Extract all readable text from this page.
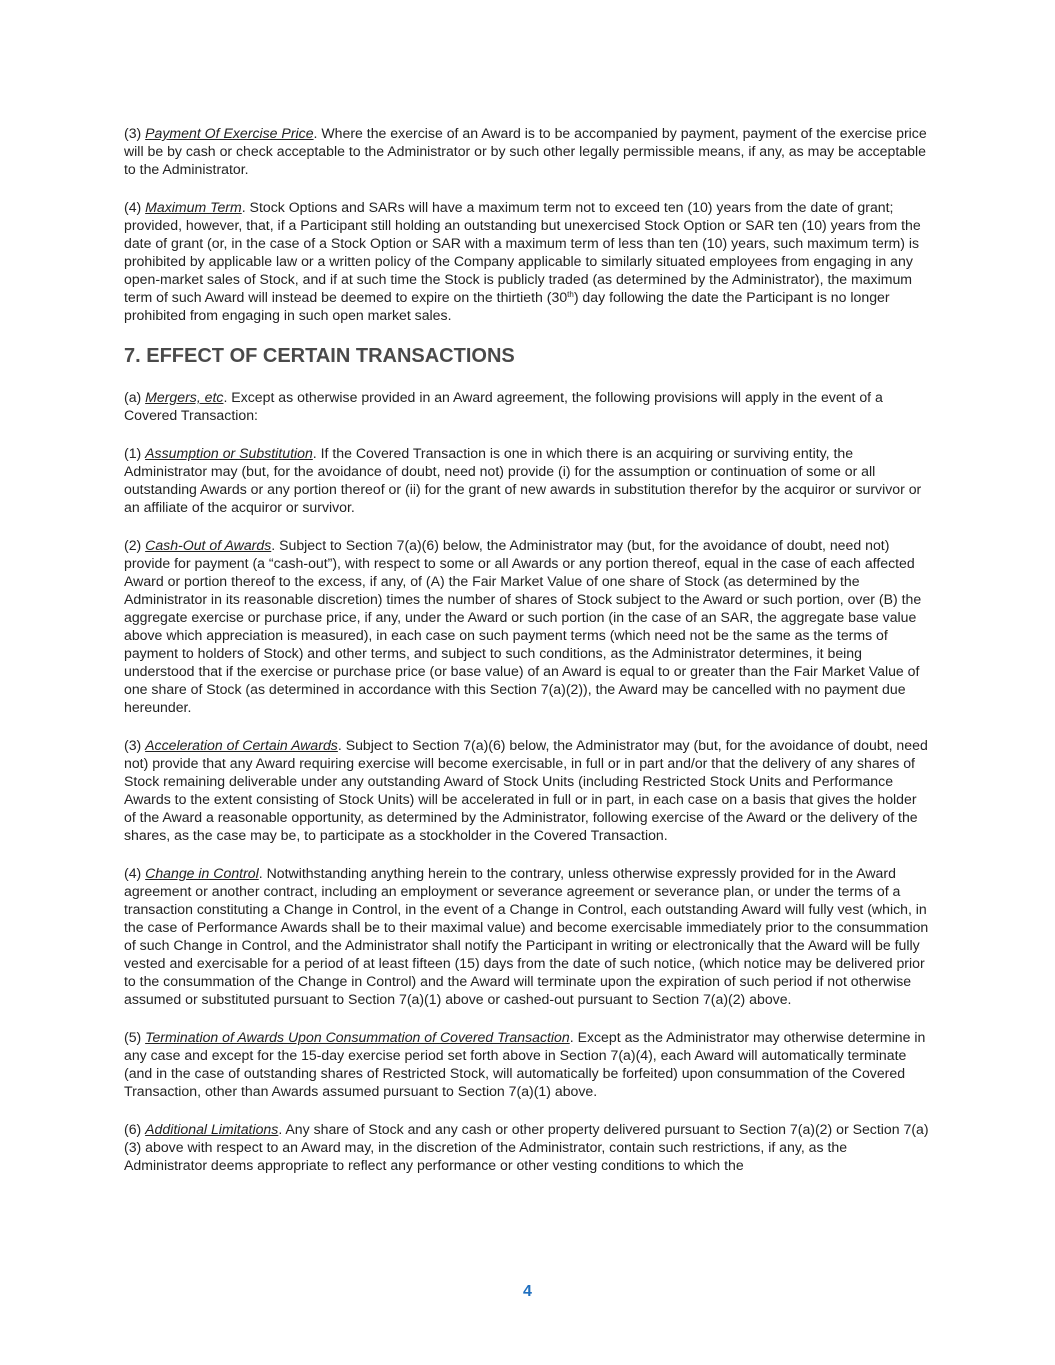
(3) Payment Of Exercise Price. Where the exercise of an Award is to be accompanied by payment, payment of the exercise price will be by cash or check acceptable to the Administrator or by such other legally permissible means, if any, as may be acceptable to the Administrator.

(4) Maximum Term. Stock Options and SARs will have a maximum term not to exceed ten (10) years from the date of grant; provided, however, that, if a Participant still holding an outstanding but unexercised Stock Option or SAR ten (10) years from the date of grant (or, in the case of a Stock Option or SAR with a maximum term of less than ten (10) years, such maximum term) is prohibited by applicable law or a written policy of the Company applicable to similarly situated employees from engaging in any open-market sales of Stock, and if at such time the Stock is publicly traded (as determined by the Administrator), the maximum term of such Award will instead be deemed to expire on the thirtieth (30th) day following the date the Participant is no longer prohibited from engaging in such open market sales.

7. EFFECT OF CERTAIN TRANSACTIONS

(a) Mergers, etc. Except as otherwise provided in an Award agreement, the following provisions will apply in the event of a Covered Transaction:

(1) Assumption or Substitution. If the Covered Transaction is one in which there is an acquiring or surviving entity, the Administrator may (but, for the avoidance of doubt, need not) provide (i) for the assumption or continuation of some or all outstanding Awards or any portion thereof or (ii) for the grant of new awards in substitution therefor by the acquiror or survivor or an affiliate of the acquiror or survivor.

(2) Cash-Out of Awards. Subject to Section 7(a)(6) below, the Administrator may (but, for the avoidance of doubt, need not) provide for payment (a “cash-out”), with respect to some or all Awards or any portion thereof, equal in the case of each affected Award or portion thereof to the excess, if any, of (A) the Fair Market Value of one share of Stock (as determined by the Administrator in its reasonable discretion) times the number of shares of Stock subject to the Award or such portion, over (B) the aggregate exercise or purchase price, if any, under the Award or such portion (in the case of an SAR, the aggregate base value above which appreciation is measured), in each case on such payment terms (which need not be the same as the terms of payment to holders of Stock) and other terms, and subject to such conditions, as the Administrator determines, it being understood that if the exercise or purchase price (or base value) of an Award is equal to or greater than the Fair Market Value of one share of Stock (as determined in accordance with this Section 7(a)(2)), the Award may be cancelled with no payment due hereunder.

(3) Acceleration of Certain Awards. Subject to Section 7(a)(6) below, the Administrator may (but, for the avoidance of doubt, need not) provide that any Award requiring exercise will become exercisable, in full or in part and/or that the delivery of any shares of Stock remaining deliverable under any outstanding Award of Stock Units (including Restricted Stock Units and Performance Awards to the extent consisting of Stock Units) will be accelerated in full or in part, in each case on a basis that gives the holder of the Award a reasonable opportunity, as determined by the Administrator, following exercise of the Award or the delivery of the shares, as the case may be, to participate as a stockholder in the Covered Transaction.

(4) Change in Control. Notwithstanding anything herein to the contrary, unless otherwise expressly provided for in the Award agreement or another contract, including an employment or severance agreement or severance plan, or under the terms of a transaction constituting a Change in Control, in the event of a Change in Control, each outstanding Award will fully vest (which, in the case of Performance Awards shall be to their maximal value) and become exercisable immediately prior to the consummation of such Change in Control, and the Administrator shall notify the Participant in writing or electronically that the Award will be fully vested and exercisable for a period of at least fifteen (15) days from the date of such notice, (which notice may be delivered prior to the consummation of the Change in Control) and the Award will terminate upon the expiration of such period if not otherwise assumed or substituted pursuant to Section 7(a)(1) above or cashed-out pursuant to Section 7(a)(2) above.

(5) Termination of Awards Upon Consummation of Covered Transaction. Except as the Administrator may otherwise determine in any case and except for the 15-day exercise period set forth above in Section 7(a)(4), each Award will automatically terminate (and in the case of outstanding shares of Restricted Stock, will automatically be forfeited) upon consummation of the Covered Transaction, other than Awards assumed pursuant to Section 7(a)(1) above.

(6) Additional Limitations. Any share of Stock and any cash or other property delivered pursuant to Section 7(a)(2) or Section 7(a)(3) above with respect to an Award may, in the discretion of the Administrator, contain such restrictions, if any, as the Administrator deems appropriate to reflect any performance or other vesting conditions to which the

4
